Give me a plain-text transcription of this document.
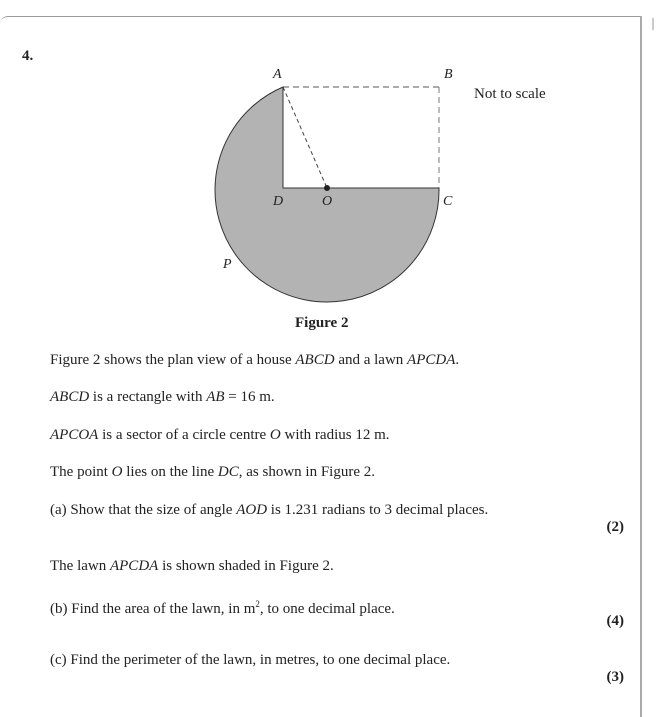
4.
A	B
C
D	O
P
Not to scale
Figure 2
Figure 2 shows the plan view of a house ABCD and a lawn APCDA.
ABCD is a rectangle with AB = 16 m.
APCOA is a sector of a circle centre O with radius 12 m.
The point O lies on the line DC, as shown in Figure 2.
(a) Show that the size of angle AOD is 1.231 radians to 3 decimal places.
The lawn APCDA is shown shaded in Figure 2.
(b) Find the area of the lawn, in $m^2$, to one decimal place.
(c) Find the perimeter of the lawn, in metres, to one decimal place.
(2)
(4)
(3)
